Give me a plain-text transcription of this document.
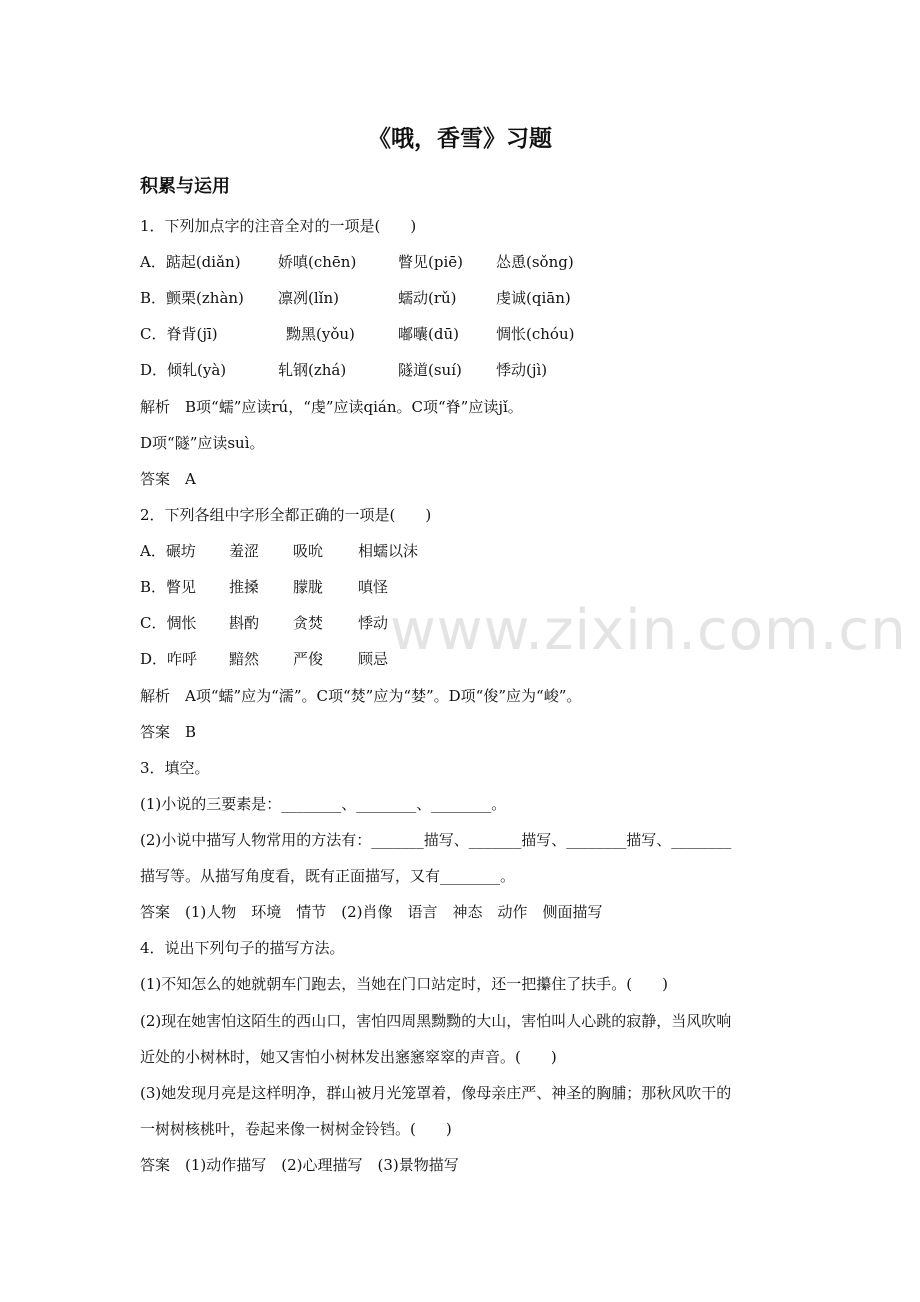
www.zixin.com.cn
《哦，香雪》习题
积累与运用
1．下列加点字的注音全对的一项是(　　)
A．踮起(diǎn) 娇嗔(chēn)	瞥见(piē) 怂恿(sǒng)
B．颤栗(zhàn) 凛冽(lǐn)	蠕动(rǔ)	虔诚(qiān)
C．脊背(jī)	黝黑(yǒu)	嘟囔(dū) 惆怅(chóu)
D．倾轧(yà)	轧钢(zhá)	隧道(suí) 悸动(jì)
解析　B项“蠕”应读rú，“虔”应读qián。C项“脊”应读jǐ。
D项“隧”应读suì。
答案　A
2．下列各组中字形全都正确的一项是(　　)
A．碾坊 羞涩 吸吮 相蠕以沫
B．瞥见 推搡 朦胧 嗔怪
C．惆怅 斟酌 贪焚 悸动
D．咋呼 黯然 严俊 顾忌
解析　A项“蠕”应为“濡”。C项“焚”应为“婪”。D项“俊”应为“峻”。
答案　B
3．填空。
(1)小说的三要素是：________、________、________。
(2)小说中描写人物常用的方法有：_______描写、_______描写、________描写、________
描写等。从描写角度看，既有正面描写，又有________。
答案　(1)人物　环境　情节　(2)肖像　语言　神态　动作　侧面描写
4．说出下列句子的描写方法。
(1)不知怎么的她就朝车门跑去，当她在门口站定时，还一把攥住了扶手。(　　)
(2)现在她害怕这陌生的西山口，害怕四周黑黝黝的大山，害怕叫人心跳的寂静，当风吹响
近处的小树林时，她又害怕小树林发出窸窸窣窣的声音。(　　)
(3)她发现月亮是这样明净，群山被月光笼罩着，像母亲庄严、神圣的胸脯；那秋风吹干的
一树树核桃叶，卷起来像一树树金铃铛。(　　)
答案　(1)动作描写　(2)心理描写　(3)景物描写
